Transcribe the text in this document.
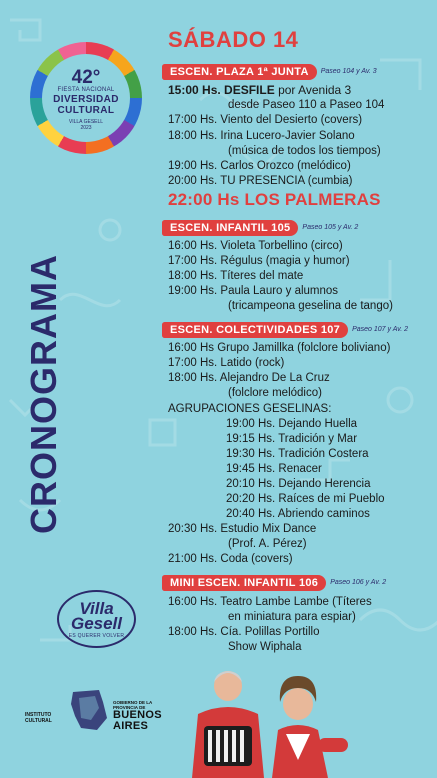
42°
FIESTA NACIONAL
DIVERSIDAD
CULTURAL
VILLA GESELL
2023
CRONOGRAMA
Villa Gesell
ES QUERER VOLVER
INSTITUTO
CULTURAL
GOBIERNO DE LA
PROVINCIA DE
BUENOS
AIRES
SÁBADO 14
ESCEN. PLAZA 1ª JUNTA Paseo 104 y Av. 3
15:00 Hs. DESFILE por Avenida 3
desde Paseo 110 a Paseo 104
17:00 Hs. Viento del Desierto (covers)
18:00 Hs. Irina Lucero-Javier Solano
(música de todos los tiempos)
19:00 Hs. Carlos Orozco (melódico)
20:00 Hs. TU PRESENCIA (cumbia)
22:00 Hs LOS PALMERAS
ESCEN. INFANTIL 105 Paseo 105 y Av. 2
16:00 Hs. Violeta Torbellino (circo)
17:00 Hs. Régulus (magia y humor)
18:00 Hs. Títeres del mate
19:00 Hs. Paula Lauro y alumnos
(tricampeona geselina de tango)
ESCEN. COLECTIVIDADES 107 Paseo 107 y Av. 2
16:00 Hs Grupo Jamillka (folclore boliviano)
17:00 Hs. Latido (rock)
18:00 Hs. Alejandro De La Cruz
(folclore melódico)
AGRUPACIONES GESELINAS:
19:00 Hs. Dejando Huella
19:15 Hs. Tradición y Mar
19:30 Hs. Tradición Costera
19:45 Hs. Renacer
20:10 Hs. Dejando Herencia
20:20 Hs. Raíces de mi Pueblo
20:40 Hs. Abriendo caminos
20:30 Hs. Estudio Mix Dance
(Prof. A. Pérez)
21:00 Hs. Coda (covers)
MINI ESCEN. INFANTIL 106 Paseo 106 y Av. 2
16:00 Hs. Teatro Lambe Lambe (Títeres
en miniatura para espiar)
18:00 Hs. Cía. Polillas Portillo
Show Wiphala
